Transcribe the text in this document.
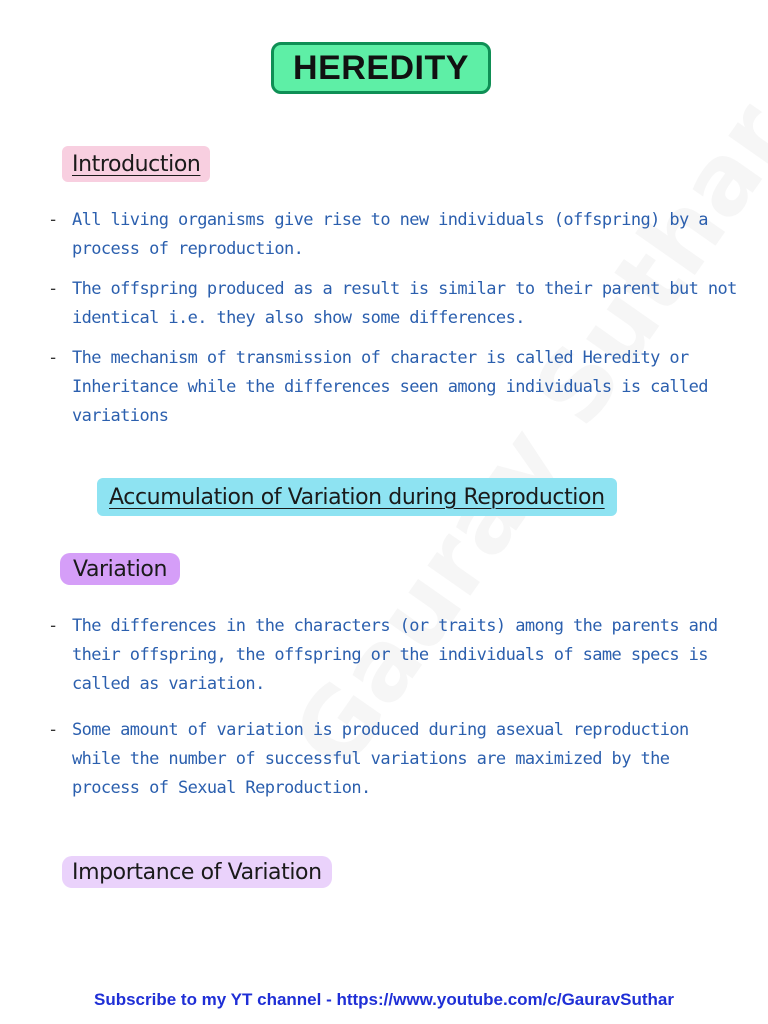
HEREDITY
Introduction
- All living organisms give rise to new individuals (offspring) by a process of reproduction.
- The offspring produced as a result is similar to their parent but not identical i.e. they also show some differences.
- The mechanism of transmission of character is called Heredity or Inheritance while the differences seen among individuals is called variations
Accumulation of Variation during Reproduction
Variation
- The differences in the characters (or traits) among the parents and their offspring, the offspring or the individuals of same specs is called as variation.
- Some amount of variation is produced during asexual reproduction while the number of successful variations are maximized by the process of Sexual Reproduction.
Importance of Variation
Subscribe to my YT channel - https://www.youtube.com/c/GauravSuthar
